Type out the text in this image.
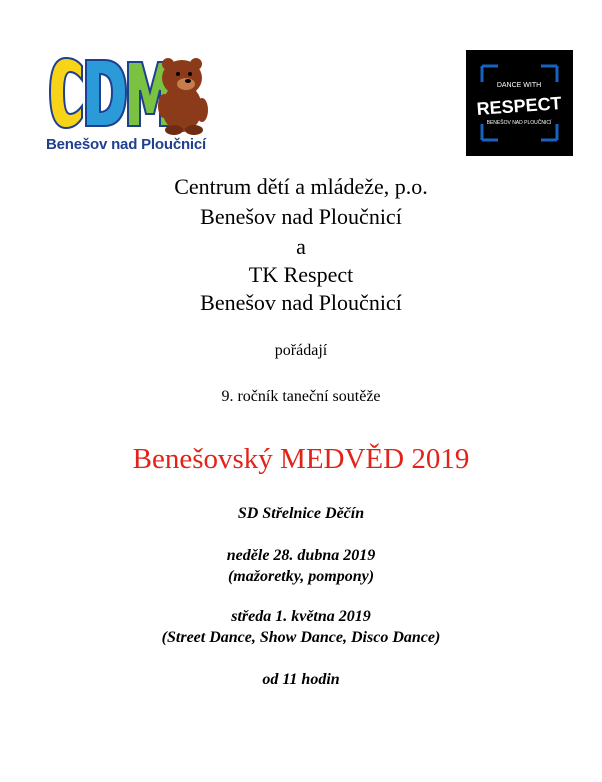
Benešov nad Ploučnicí
DANCE WITH
RESPECT
BENEŠOV NAD PLOUČNICÍ
Centrum dětí a mládeže, p.o.
Benešov nad Ploučnicí
a
TK Respect
Benešov nad Ploučnicí
pořádají
9. ročník taneční soutěže
Benešovský MEDVĚD 2019
SD Střelnice Děčín
neděle 28. dubna 2019
(mažoretky, pompony)
středa 1. května 2019
(Street Dance, Show Dance, Disco Dance)
od 11 hodin
